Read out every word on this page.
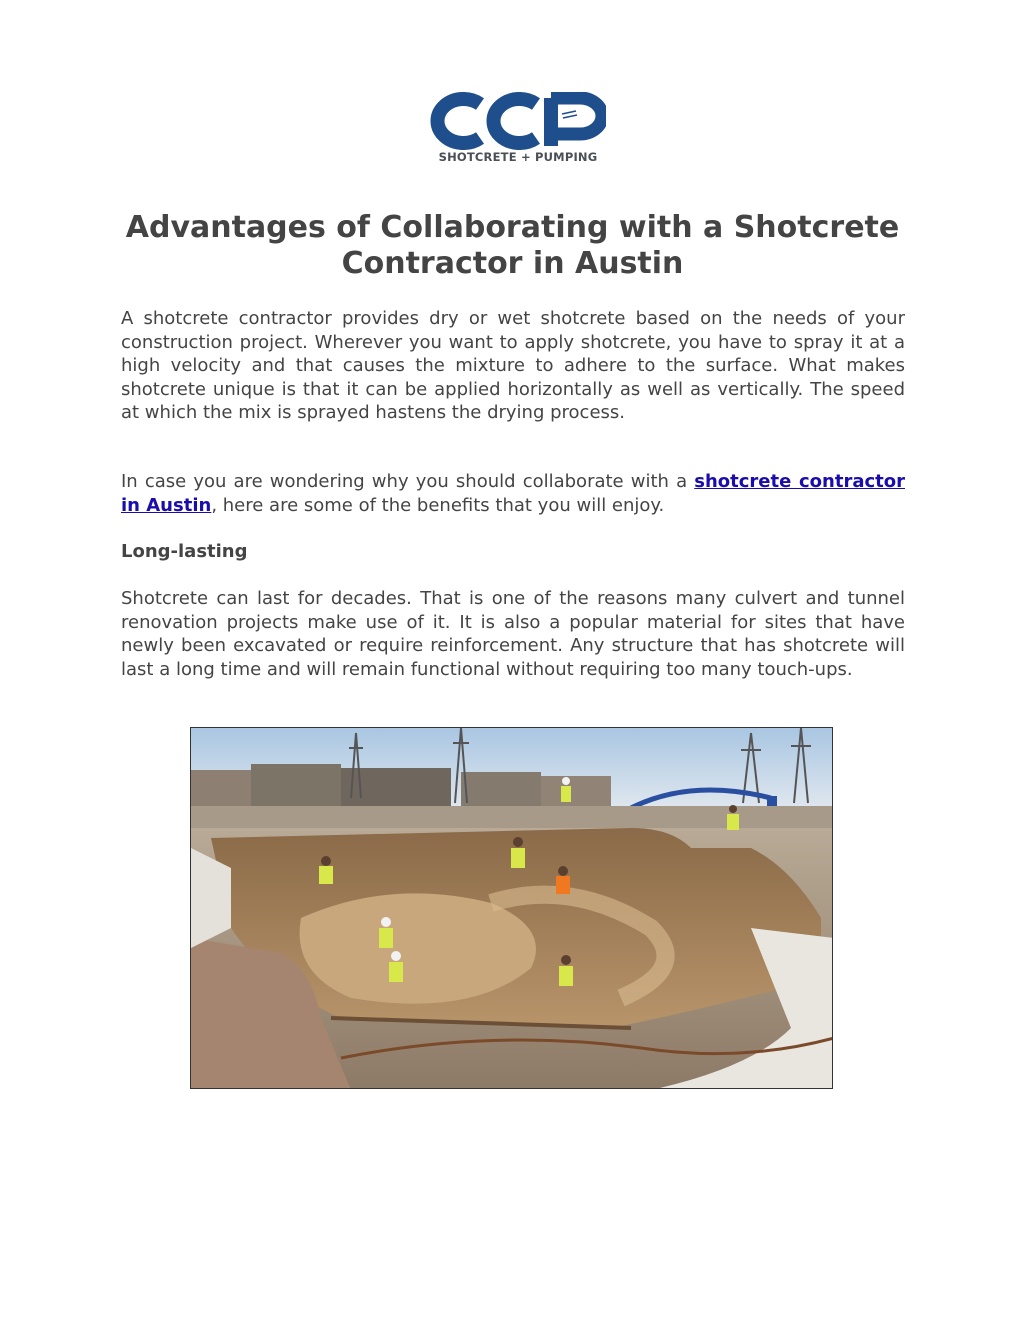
SHOTCRETE + PUMPING
Advantages of Collaborating with a Shotcrete Contractor in Austin

A shotcrete contractor provides dry or wet shotcrete based on the needs of your construction project. Wherever you want to apply shotcrete, you have to spray it at a high velocity and that causes the mixture to adhere to the surface. What makes shotcrete unique is that it can be applied horizontally as well as vertically. The speed at which the mix is sprayed hastens the drying process.

In case you are wondering why you should collaborate with a shotcrete contractor in Austin, here are some of the benefits that you will enjoy.

Long-lasting

Shotcrete can last for decades. That is one of the reasons many culvert and tunnel renovation projects make use of it. It is also a popular material for sites that have newly been excavated or require reinforcement. Any structure that has shotcrete will last a long time and will remain functional without requiring too many touch-ups.
